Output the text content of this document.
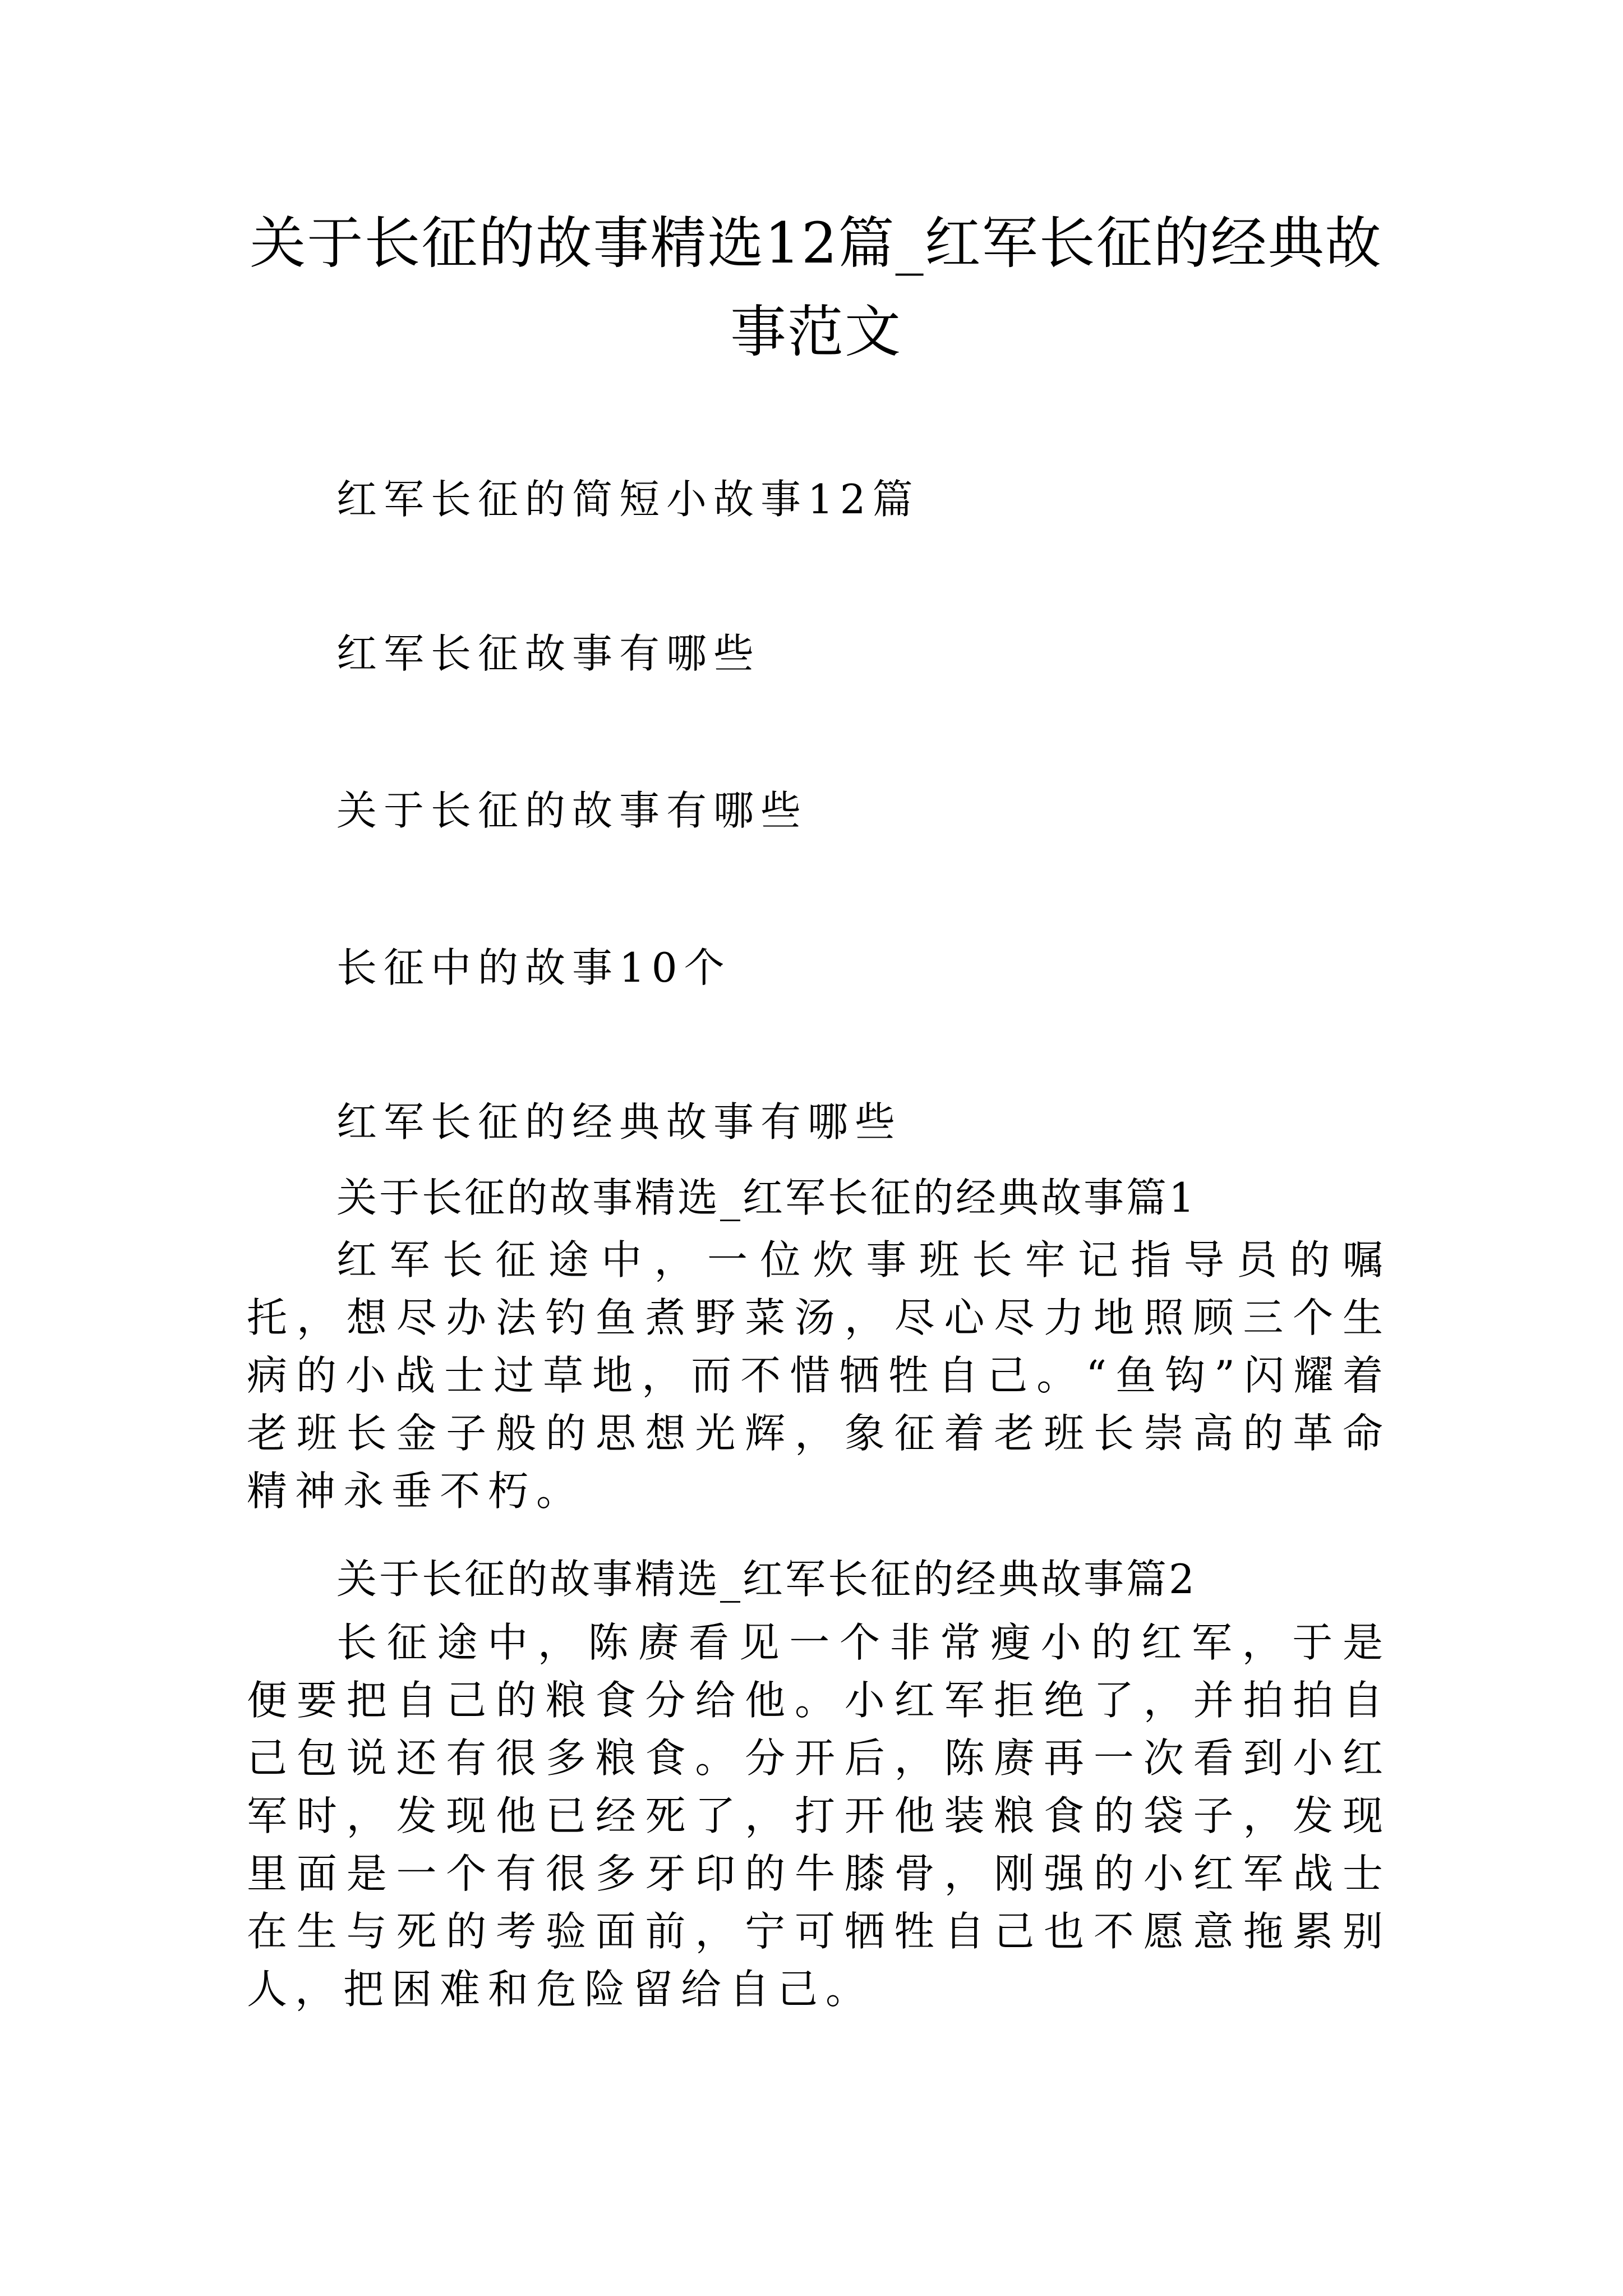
关于长征的故事精选12篇_红军长征的经典故事范文
红军长征的简短小故事12篇
红军长征故事有哪些
关于长征的故事有哪些
长征中的故事10个
红军长征的经典故事有哪些
关于长征的故事精选_红军长征的经典故事篇1
红军长征途中，一位炊事班长牢记指导员的嘱托，想尽办法钓鱼煮野菜汤，尽心尽力地照顾三个生病的小战士过草地，而不惜牺牲自己。“鱼钩”闪耀着老班长金子般的思想光辉，象征着老班长崇高的革命精神永垂不朽。
关于长征的故事精选_红军长征的经典故事篇2
长征途中，陈赓看见一个非常瘦小的红军，于是便要把自己的粮食分给他。小红军拒绝了，并拍拍自己包说还有很多粮食。分开后，陈赓再一次看到小红军时，发现他已经死了，打开他装粮食的袋子，发现里面是一个有很多牙印的牛膝骨，刚强的小红军战士在生与死的考验面前，宁可牺牲自己也不愿意拖累别人，把困难和危险留给自己。
